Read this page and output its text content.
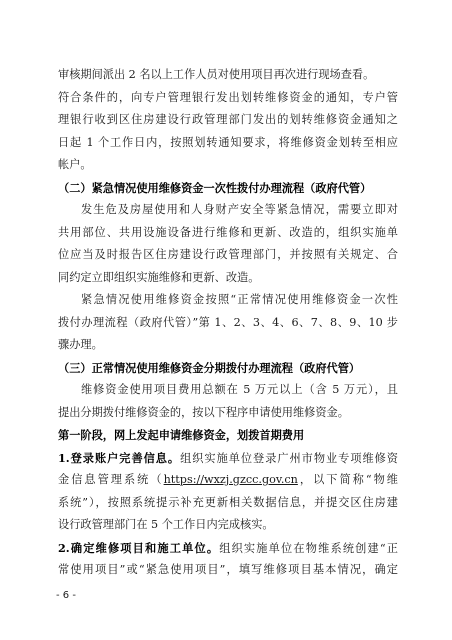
审核期间派出 2 名以上工作人员对使用项目再次进行现场查看。
符合条件的，向专户管理银行发出划转维修资金的通知，专户管
理银行收到区住房建设行政管理部门发出的划转维修资金通知之
日起 1 个工作日内，按照划转通知要求，将维修资金划转至相应
帐户。
（二）紧急情况使用维修资金一次性拨付办理流程（政府代管）
发生危及房屋使用和人身财产安全等紧急情况，需要立即对
共用部位、共用设施设备进行维修和更新、改造的，组织实施单
位应当及时报告区住房建设行政管理部门，并按照有关规定、合
同约定立即组织实施维修和更新、改造。
紧急情况使用维修资金按照“正常情况使用维修资金一次性
拨付办理流程（政府代管）”第 1、2、3、4、6、7、8、9、10 步
骤办理。
（三）正常情况使用维修资金分期拨付办理流程（政府代管）
维修资金使用项目费用总额在 5 万元以上（含 5 万元），且
提出分期拨付维修资金的，按以下程序申请使用维修资金。
第一阶段，网上发起申请维修资金，划拨首期费用
1.登录账户完善信息。组织实施单位登录广州市物业专项维修资
金信息管理系统（https://wxzj.gzcc.gov.cn，以下简称“物维
系统”），按照系统提示补充更新相关数据信息，并提交区住房建
设行政管理部门在 5 个工作日内完成核实。
2.确定维修项目和施工单位。组织实施单位在物维系统创建“正
常使用项目”或“紧急使用项目”，填写维修项目基本情况，确定
- 6 -
